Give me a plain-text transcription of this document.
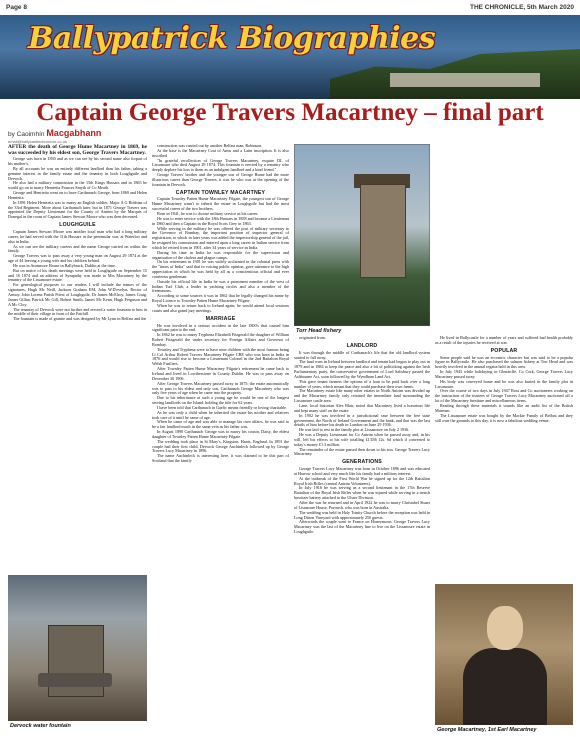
Page 8	THE CHRONICLE, 5th March 2020
Ballypatrick Biographies
Captain George Travers Macartney – final part
by Caoimhín Macgabhann
email@ballycastlechronicle.co.uk

AFTER the death of George Hume Macartney in 1869, he was succeeded by his eldest son, George Travers Macartney.

George was born in 1830 and as we can see by his second name also forpart of his mother's.

By all accounts he was an entirely different landlord than his father, taking a genuine interest in the family estate and the tenantry in both Loughguile and Dervock.

He also had a military commission in the 15th Kings Hussars and in 1865 he would go on to marry Henrietta Frances Smyth of Co Meath.

George and Henrietta went on to have Carthanach George, born 1869 and Helen Henrietta.

In 1891 Helen Henrietta was to marry an English soldier, Major A G Robbins of the 33rd Regiment. More about Carthanach later, but in 1871 George Travers was appointed the Deputy Lieutenant for the County of Antrim by the Marquis of Donegal in the room of Captain James Stewart Moore who was then deceased.

LOUGHGUILE

Captain James Stewart Moore was another local man who had a long military career, he had served with the 11th Hussars in the peninsular war, at Waterloo and also in India.

As we can see the military careers and the name George carried on within the family.

George Travers was to pass away a very young man on August 29 1874 at the age of 44 leaving a young wife and his children behind.

He was in Avonmore House in Ballybrack, Dublin at the time.

But on notice of his death meetings were held in Loughguile on September 15 and 16 1874 and an address of Sympathy was made to Mrs Macartney by the tenantry of the Lissanoure estate.

For genealogical purposes to our readers I will include the names of the signatures, Hugh Mc Neill, Jackson Graham EM, John W.D'evelyn, Rector of Armoy, John Lorenz Parish Priest of Loughguile, Dr James McElroy, James Craig, James Gillan, Patrick Mc Gill, Robert Smith, James Mc Kenn, Hugh Ferguson and A Mc Cloy.

The tenantry of Dervock were not further and erected a water fountain to him in the middle of their village in front of the Fairhill.

The fountain is made of granite and was designed by Mr Lynn in Belfast and the

construction was carried out by another Belfast man, Robinson.

At the base is the Macartney Coat of Arms and a Latin inscription. It is also inscribed

"In grateful recollection of George Travers Macartney, esquire DL of Lissanoure who died August 29 1874. This fountain is erected by a tenantry who deeply deplore his loss to them as an indulgent landlord and a kind friend."

George Travers' brother and the younger son of George Hume had the more illustrious career than George Travers, it was he who was at the opening of the fountain in Dervock.

CAPTAIN TOWNLEY MACARTNEY

Captain Townley Patten Hume Macartney Filgate, the youngest son of George Hume Macartney wasn't to inherit the estate in Loughguile but had the most successful career of the two brothers.

Born in 1841, he was to choose military service as his career.

He was to enter service with the 18th Hussars in 1858 and became a Lieutenant in 1860 and then a Captain in the Royal Scots Grey in 1863.

While serving in the military he was offered the post of military secretary to the Governor of Bombay, the important position of inspector general of registration, to which in later years was added the inspectorship general of the jail, he resigned his commission and entered upon a long career in Indian service from which he retired from in 1901, after 34 years of service in India.

During his time in India he was responsible for the supervision and organisation of the cholera and plague camps.

On his retirement in 1901 he was widely acclaimed in the colonial press with the "times of India" said that in voicing public opinion, gave utterance to the high appreciation in which he was held by all as a conscientious official and ever courteous gentleman.

Outside his official life in India he was a prominent member of the west of Indian Turf Club, a leader in yachting circles and also a member of the freemasons.

According to some sources it was in 1862 that he legally changed his name by Royal Licence to Townley Patten Hume Macartney Filgate.

When he was to return back to Ireland again, he would attend local sessions courts and also grand jury meetings.

MARRIAGE

He was involved in a serious accident in the late 1800's that caused him significant pain to the end.

In 1862 he was to marry Tryphena Elizabeth Fitzgerald the daughter of William Robert Fitzgerald the under secretary for Foreign Affairs and Governor of Bombay.

Townley and Tryphena were to have nine children with the most famous being Lt Col Arthur Robert Travers Macartney Filgate CBE who was born in India in 1876 and would rise to become a Lieutenant Colonel in the 2nd Battalion Royal Welsh Fusiliers.

After Townley Patten Hume Macartney Filgate's retirement he came back to Ireland and lived in Lowtherstone in County Dublin. He was to pass away on December 30 1906.

After George Travers Macartney passed away in 1875; the estate automatically was to pass to his eldest and only son, Carthanach George Macartney who was only five years of age when he came into the property.

Due to his inheritance at such a young age he would be one of the longest serving landlords on the Island, holding the title for 62 years.

I have been told that Carthanach in Gaelic means friendly or loving charitable.

As he was only a child when he inherited the estate his mother and relatives took care of it until he came of age.

When he came of age and was able to manage his own affairs, he was said to be a fair landlord much in the same vein as his father was.

In August 1890 Carthanach George was to marry his cousin, Daisy, the eldest daughter of Townley Patten Hume Macartney Filgate.

The wedding took place in St Mary's, Kingston, Hants, England. In 1891 the couple had their first child, Dervock George Auchinleck followed up by George Travers Lucy Macartney in 1896.

The name Auchinleck is interesting here, it was claimed to be this part of Scotland that the family

originated from.

LANDLORD

It was through the middle of Carthanach's life that the old landlord system started to fall away.

The land wars in Ireland between landlord and tenant had begun to play out in 1879 and in 1884 to keep the peace and also a bit of politicking against the Irish Parliamentary party, the conservative government of Lord Salisbury passed the Ashbourne Act, soon followed by the Wyndham Land Act.

This gave tenant farmers the options of a loan to be paid back over a long number of years, which meant that they could purchase their own farms.

The Macartney estate like many other estates in North Antrim was divided up and the Macartney family only retained the immediate land surrounding the Lissanoure castle area.

Lane, local historian Alex Blair, noted that Macartney lived a luxurious life and kept many staff on the estate.

In 1902 he was involved in a jurisdictional case between the free state government, the North of Ireland Government and the bank, and that was the last details of him before his death in London on June 29 1936.

He was laid to rest in the family plot at Lissanoure on July 2 1936.

He was a Deputy Lieutenant for Co Antrim when he passed away and, in his will, left his effects to his wife totalling £1'436 12s. 6d which if converted to today's money £1.3 million.

The remainder of the estate passed then down to his son, George Travers Lucy Macartney.

GENERATIONS

George Travers Lucy Macartney was born in October 1896 and was educated at Harrow school and very much like his family had a military interest.

At the outbreak of the First World War he signed up for the 12th Battalion Royal Irish Rifles (central Antrim Volunteers).

In July 1916 he was serving as a second lieutenant in the 17th Reserve Battalion of the Royal Irish Rifles when he was injured while serving in a trench howitzer battery attached to the Ulster Division.

After the war he returned and in April 1922 he was to marry Christabel Stuart of Lisanoure House, Portrush, who was born in Australia.

The wedding was held in Holy Trinity Church before the reception was held in Long Ditton Vineyard with approximately 250 guests.

Afterwards the couple went to France on Honeymoon. George Travers Lucy Macartney was the last of the Macartney line to live on the Lissanoure estate in Loughguile.

He lived in Ballycastle for a number of years and suffered bad health probably as a result of the injuries he received at war.

POPULAR

Some people said he was an eccentric character but was said to be a popular figure in Ballycastle. He also purchased the salmon fishery at Torr Head and was heavily involved in the annual regatta held in this area.

In July 1943 while holidaying in Glenariffe, Co Cork, George Travers Lucy Macartney passed away.

His body was conveyed home and he was also buried in the family plot in Lissanoure.

Over the course of two days in July 1947 Ross and Co auctioneers working on the instruction of the trustees of George Travers Lucy Macartney auctioned off a lot of the Macartney furniture and miscellaneous items.

Reading through these materials it sounds like an audit list of the British Museum.

The Lissanoure estate was bought by the Mackie Family of Belfast and they still own the grounds to this day, it is now a fabulous wedding venue.

Dervock water fountain
Torr Head fishery
George Macartney, 1st Earl Macartney
